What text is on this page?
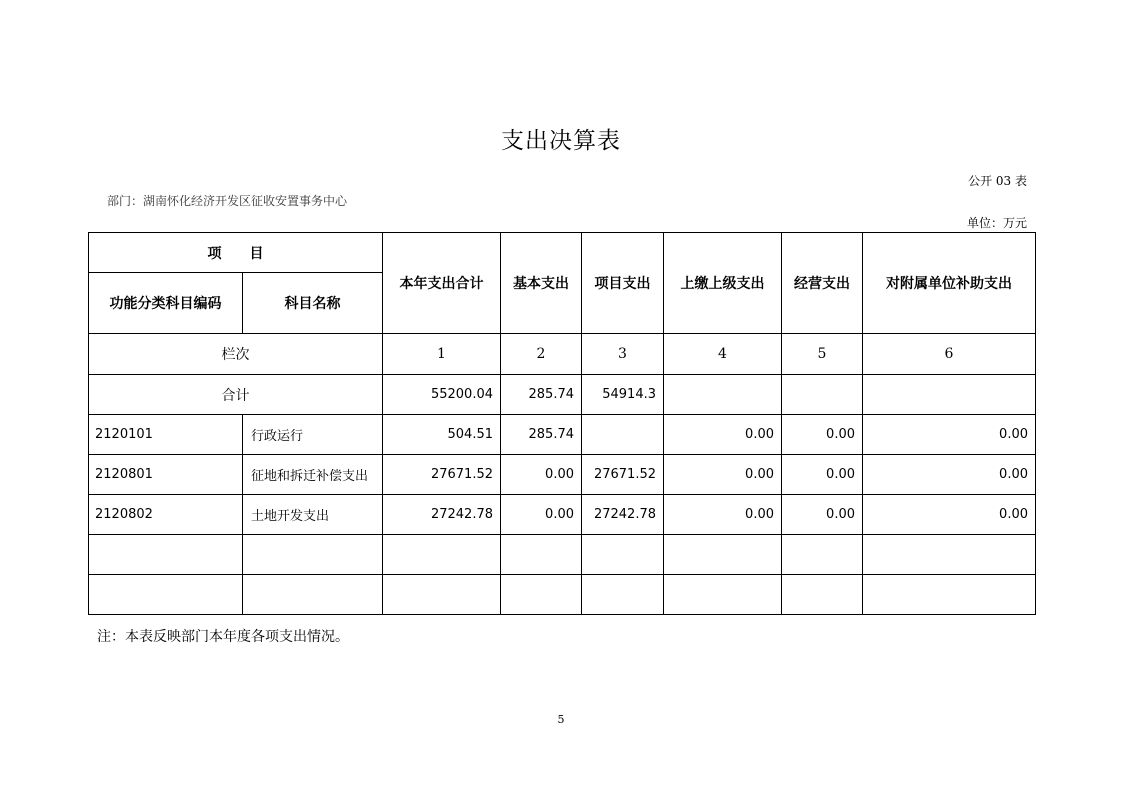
支出决算表
公开 03 表
部门：湖南怀化经济开发区征收安置事务中心
单位：万元
项　　目		本年支出合计	基本支出	项目支出	上缴上级支出	经营支出	对附属单位补助支出
功能分类科目编码	科目名称						
栏次		1	2	3	4	5	6
合计		55200.04	285.74	54914.3			
2120101	行政运行	504.51	285.74		0.00	0.00	0.00
2120801	征地和拆迁补偿支出	27671.52	0.00	27671.52	0.00	0.00	0.00
2120802	土地开发支出	27242.78	0.00	27242.78	0.00	0.00	0.00

注：本表反映部门本年度各项支出情况。
5
